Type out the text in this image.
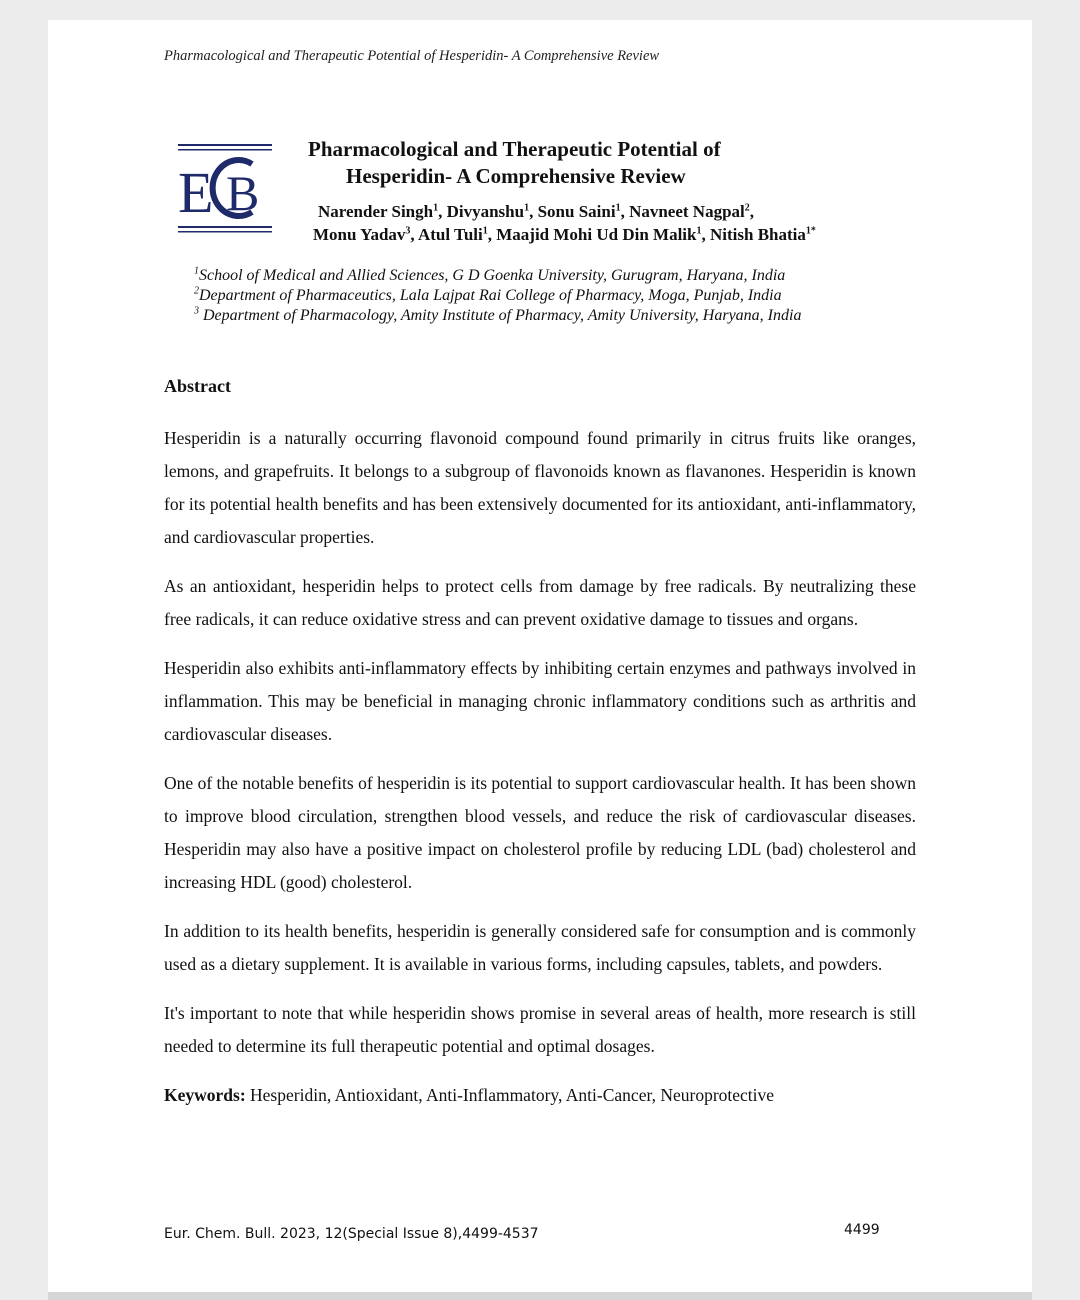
Pharmacological and Therapeutic Potential of Hesperidin- A Comprehensive Review
E B
Pharmacological and Therapeutic Potential of
Hesperidin- A Comprehensive Review
Narender Singh$^1$, Divyanshu$^1$, Sonu Saini$^1$, Navneet Nagpal$^2$,
Monu Yadav$^3$, Atul Tuli$^1$, Maajid Mohi Ud Din Malik$^1$, Nitish Bhatia$^{1*}$
$^1$School of Medical and Allied Sciences, G D Goenka University, Gurugram, Haryana, India
$^2$Department of Pharmaceutics, Lala Lajpat Rai College of Pharmacy, Moga, Punjab, India
$^3$ Department of Pharmacology, Amity Institute of Pharmacy, Amity University, Haryana, India
Abstract

Hesperidin is a naturally occurring flavonoid compound found primarily in citrus fruits like oranges, lemons, and grapefruits. It belongs to a subgroup of flavonoids known as flavanones. Hesperidin is known for its potential health benefits and has been extensively documented for its antioxidant, anti-inflammatory, and cardiovascular properties.

As an antioxidant, hesperidin helps to protect cells from damage by free radicals. By neutralizing these free radicals, it can reduce oxidative stress and can prevent oxidative damage to tissues and organs.

Hesperidin also exhibits anti-inflammatory effects by inhibiting certain enzymes and pathways involved in inflammation. This may be beneficial in managing chronic inflammatory conditions such as arthritis and cardiovascular diseases.

One of the notable benefits of hesperidin is its potential to support cardiovascular health. It has been shown to improve blood circulation, strengthen blood vessels, and reduce the risk of cardiovascular diseases. Hesperidin may also have a positive impact on cholesterol profile by reducing LDL (bad) cholesterol and increasing HDL (good) cholesterol.

In addition to its health benefits, hesperidin is generally considered safe for consumption and is commonly used as a dietary supplement. It is available in various forms, including capsules, tablets, and powders.

It's important to note that while hesperidin shows promise in several areas of health, more research is still needed to determine its full therapeutic potential and optimal dosages.

Keywords: Hesperidin, Antioxidant, Anti-Inflammatory, Anti-Cancer, Neuroprotective

Eur. Chem. Bull. 2023, 12(Special Issue 8),4499-4537	4499
